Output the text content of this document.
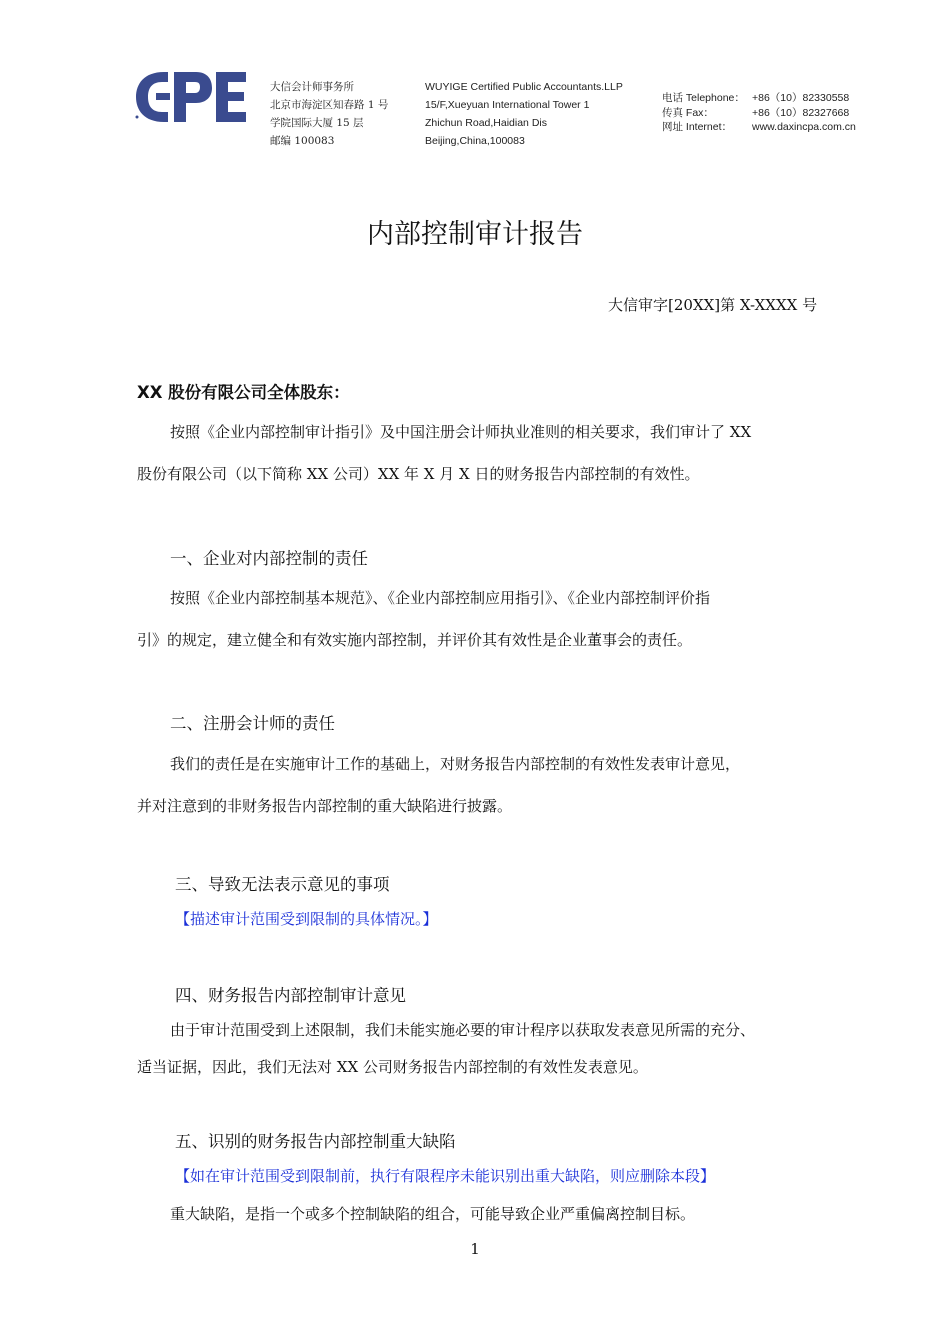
大信会计师事务所
北京市海淀区知春路 1 号
学院国际大厦 15 层
邮编 100083
WUYIGE Certified Public Accountants.LLP
15/F,Xueyuan International Tower 1
Zhichun Road,Haidian Dis
Beijing,China,100083
电话 Telephone： +86（10）82330558
传真 Fax：	+86（10）82327668
网址 Internet：	www.daxincpa.com.cn
内部控制审计报告
大信审字[20XX]第 X-XXXX 号
XX 股份有限公司全体股东：
按照《企业内部控制审计指引》及中国注册会计师执业准则的相关要求，我们审计了 XX
股份有限公司（以下简称 XX 公司）XX 年 X 月 X 日的财务报告内部控制的有效性。
一、企业对内部控制的责任
按照《企业内部控制基本规范》、《企业内部控制应用指引》、《企业内部控制评价指
引》的规定，建立健全和有效实施内部控制，并评价其有效性是企业董事会的责任。
二、注册会计师的责任
我们的责任是在实施审计工作的基础上，对财务报告内部控制的有效性发表审计意见，
并对注意到的非财务报告内部控制的重大缺陷进行披露。
三、导致无法表示意见的事项
【描述审计范围受到限制的具体情况。】
四、财务报告内部控制审计意见
由于审计范围受到上述限制，我们未能实施必要的审计程序以获取发表意见所需的充分、
适当证据，因此，我们无法对 XX 公司财务报告内部控制的有效性发表意见。
五、识别的财务报告内部控制重大缺陷
【如在审计范围受到限制前，执行有限程序未能识别出重大缺陷，则应删除本段】
重大缺陷，是指一个或多个控制缺陷的组合，可能导致企业严重偏离控制目标。
1
